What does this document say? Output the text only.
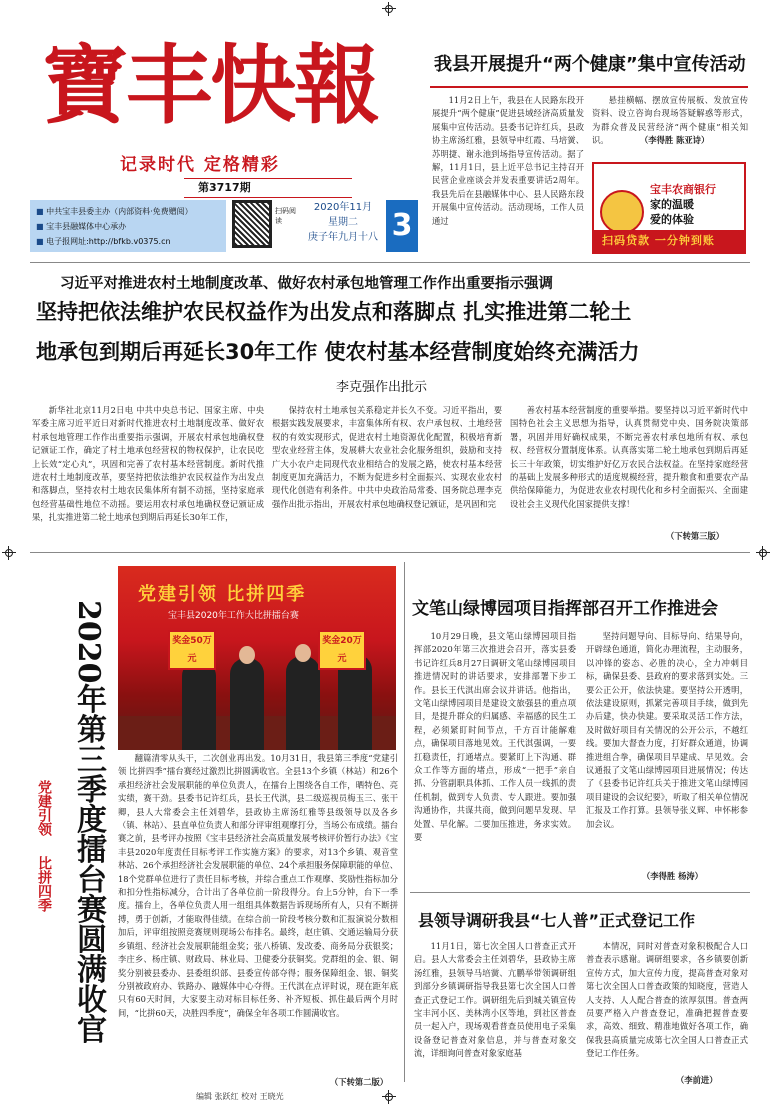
寶丰快報
记录时代 定格精彩
第3717期
■ 中共宝丰县委主办（内部资料·免费赠阅）
■ 宝丰县融媒体中心承办
■ 电子报网址:http://bfkb.v0375.cn
扫码阅读
2020年11月
星期二
庚子年九月十八 3
我县开展提升“两个健康”集中宣传活动

11月2日上午，我县在人民路东段开展提升“两个健康”促进县域经济高质量发展集中宣传活动。县委书记许红兵，县政协主席汤红雅，县领导申红霞、马培黉、苏明捷、谢永池到场指导宣传活动。据了解，11月1日，县上近平总书记主持召开民营企业座谈会并发表重要讲话2周年。我县先后在县融媒体中心、县人民路东段开展集中宣传活动。活动现场，工作人员通过

悬挂横幅、摆放宣传展板、发放宣传资料、设立咨询台现场答疑解惑等形式，为群众普及民营经济“两个健康”相关知识。	（李得胜 陈亚诗）
宝丰农商银行
家的温暖
爱的体验
扫码贷款 一分钟到账
习近平对推进农村土地制度改革、做好农村承包地管理工作作出重要指示强调
坚持把依法维护农民权益作为出发点和落脚点 扎实推进第二轮土
地承包到期后再延长30年工作 使农村基本经营制度始终充满活力
李克强作出批示

新华社北京11月2日电 中共中央总书记、国家主席、中央军委主席习近平近日对新时代推进农村土地制度改革、做好农村承包地管理工作作出重要指示强调，开展农村承包地确权登记颁证工作，确定了村土地承包经营权的物权保护，让农民吃上长效“定心丸”，巩固和完善了农村基本经营制度。新时代推进农村土地制度改革，要坚持把依法维护农民权益作为出发点和落脚点，坚持农村土地农民集体所有制不动摇，坚持家庭承包经营基础性地位不动摇。要运用农村承包地确权登记颁证成果，扎实推进第二轮土地承包到期后再延长30年工作，

保持农村土地承包关系稳定并长久不变。习近平指出，要根据实践发展要求，丰富集体所有权、农户承包权、土地经营权的有效实现形式，促进农村土地资源优化配置，积极培育新型农业经营主体，发展耕大农业社会化服务组织，鼓励和支持广大小农户走同现代农业相结合的发展之路，使农村基本经营制度更加充满活力，不断为促进乡村全面振兴、实现农业农村现代化创造有利条件。中共中央政治局常委、国务院总理李克强作出批示指出，开展农村承包地确权登记颁证，是巩固和完

善农村基本经营制度的重要举措。要坚持以习近平新时代中国特色社会主义思想为指导，认真贯彻党中央、国务院决策部署，巩固并用好确权成果，不断完善农村承包地所有权、承包权、经营权分置制度体系。认真落实第二轮土地承包到期后再延长三十年政策，切实维护好亿万农民合法权益。在坚持家庭经营的基础上发展多种形式的适度规模经营，提升粮食和重要农产品供给保障能力，为促进农业农村现代化和乡村全面振兴、全面建设社会主义现代化国家提供支撑！

（下转第三版）
党建引领 比拼四季
宝丰县2020年工作大比拼擂台赛
奖金50万元
奖金20万元
2020年第三季度擂台赛圆满收官
党建引领
比拼四季

翻篇清零从头干，二次创业再出发。10月31日，我县第三季度“党建引领 比拼四季”擂台赛经过激烈比拼圆满收官。全县13个乡镇（林站）和26个承担经济社会发展职能的单位负责人，在擂台上围绕各自工作，晒特色、亮实绩，赛干劲。县委书记许红兵，县长王代淇，县二级巡视员梅玉三、张干卿，县人大常委会主任刘碧华，县政协主席汤红雅等县级领导以及各乡（镇、林站）、县直单位负责人和部分评审组观摩打分，当场公布成绩。擂台赛之前，县考评办按照《宝丰县经济社会高质量发展考核评价暂行办法》《宝丰县2020年度责任目标考评工作实施方案》的要求，对13个乡镇、观音堂林站、26个承担经济社会发展职能的单位、24个承担服务保障职能的单位、18个党群单位进行了责任目标考核，并综合重点工作观摩、奖励性指标加分和扣分性指标减分，合计出了各单位前一阶段得分。台上5分钟，台下一季度。擂台上，各单位负责人用一组组具体数据告诉现场所有人，只有不断拼搏，勇于创新，才能取得佳绩。在综合前一阶段考核分数和汇报演说分数相加后，评审组按照竞赛规则现场公布排名。最终，赵庄镇、交通运输局分获乡镇组、经济社会发展职能组金奖；张八桥镇、发改委、商务局分获银奖；李庄乡、杨庄镇、财政局、林业局、卫健委分获铜奖。党群组的金、银、铜奖分别被县委办、县委组织部、县委宣传部夺得；服务保障组金、银、铜奖分别被政府办、铁路办、融媒体中心夺得。王代淇在点评时说，现在距年底只有60天时间，大家要主动对标目标任务、补齐短板、抓住最后两个月时间，“比拼60天，决胜四季度”，确保全年各项工作圆满收官。

（下转第二版）
文笔山绿博园项目指挥部召开工作推进会

10月29日晚，县文笔山绿博园项目指挥部2020年第三次推进会召开，落实县委书记许红兵8月27日调研文笔山绿博园项目推进情况时的讲话要求，安排部署下步工作。县长王代淇出席会议并讲话。他指出，文笔山绿博园项目是建设文旅强县的重点项目，是提升群众的归属感、幸福感的民生工程，必须紧盯时间节点，千方百计能解难点，确保项目落地见效。王代淇强调，一要扛稳责任，打通堵点。要紧盯上下沟通、群众工作等方面的堵点，形成“一把手”亲自抓、分管副职具体抓、工作人员一线抓的责任机制，做到专人负责、专人跟进。要加强沟通协作，共谋共商，做到问题早发现、早处置、早化解。二要加压推进，务求实效。要

坚持问题导向、目标导向、结果导向，开辟绿色通道，简化办理流程，主动服务，以冲锋的姿态、必胜的决心，全力冲刺目标，确保县委、县政府的要求落到实处。三要公正公开，依法快建。要坚持公开透明，依法建设原则，抓紧完善项目手续，做到先办后建，快办快建。要采取灵活工作方法，及时做好项目有关情况的公开公示，不越红线。要加大督查力度，打好群众通道，协调推进组合拳，确保项目早建成、早见效。会议通报了文笔山绿博园项目进展情况；传达了《县委书记许红兵关于推进文笔山绿博园项目建设的会议纪要》，听取了相关单位情况汇报及工作打算。县领导张义辉、申怀彬参加会议。

（李得胜 杨涛）
县领导调研我县“七人普”正式登记工作

11月1日，第七次全国人口普查正式开启。县人大常委会主任刘碧华，县政协主席汤红雅，县领导马培黉、亢鹏举带领调研组到部分乡镇调研指导我县第七次全国人口普查正式登记工作。调研组先后到城关镇宣传宝丰河小区、美林湾小区等地，到社区普查员一起入户，现场观看普查员使用电子采集设备登记普查对象信息，并与普查对象交流，详细询问普查对象家庭基

本情况，同时对普查对象积极配合人口普查表示感谢。调研组要求，各乡镇要创新宣传方式，加大宣传力度，提高普查对象对第七次全国人口普查政策的知晓度，营造人人支持、人人配合普查的浓厚氛围。普查两员要严格入户普查登记，准确把握普查要求，高效、细致、精准地做好各项工作，确保我县高质量完成第七次全国人口普查正式登记工作任务。

（李前进）
编辑 张跃红 校对 王晓光
